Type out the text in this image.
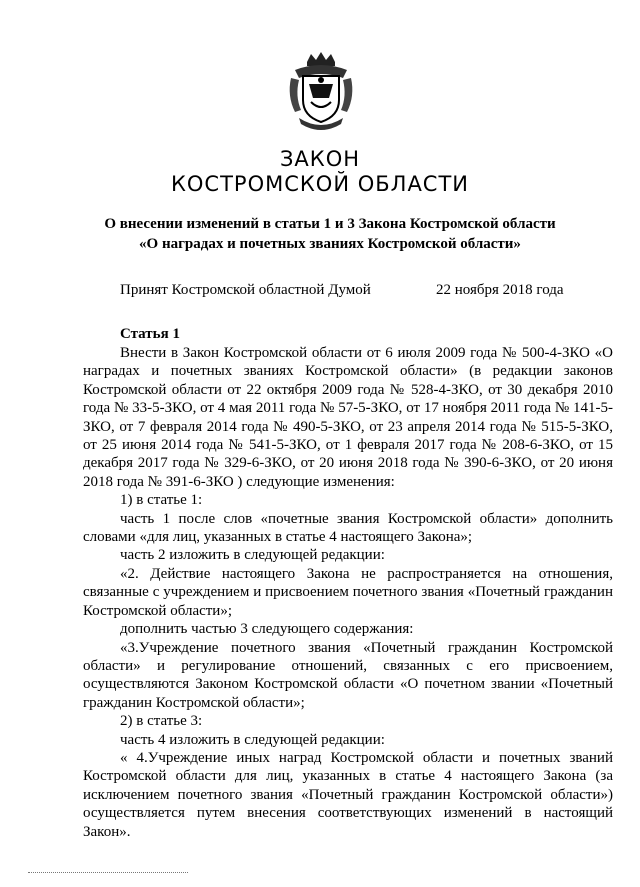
ЗАКОН
КОСТРОМСКОЙ ОБЛАСТИ
О внесении изменений в статьи 1 и 3 Закона Костромской области
«О наградах и почетных званиях Костромской области»
Принят Костромской областной Думой	22 ноября 2018 года
Статья 1

Внести в Закон Костромской области от 6 июля 2009 года № 500-4-ЗКО «О наградах и почетных званиях Костромской области» (в редакции законов Костромской области от 22 октября 2009 года № 528-4-ЗКО, от 30 декабря 2010 года № 33-5-ЗКО, от 4 мая 2011 года № 57-5-ЗКО, от 17 ноября 2011 года № 141-5-ЗКО, от 7 февраля 2014 года № 490-5-ЗКО, от 23 апреля 2014 года № 515-5-ЗКО, от 25 июня 2014 года № 541-5-ЗКО, от 1 февраля 2017 года № 208-6-ЗКО, от 15 декабря 2017 года № 329-6-ЗКО, от 20 июня 2018 года № 390-6-ЗКО, от 20 июня 2018 года № 391-6-ЗКО ) следующие изменения:

1) в статье 1:

часть 1 после слов «почетные звания Костромской области» дополнить словами «для лиц, указанных в статье 4 настоящего Закона»;

часть 2 изложить в следующей редакции:

«2. Действие настоящего Закона не распространяется на отношения, связанные с учреждением и присвоением почетного звания «Почетный гражданин Костромской области»;

дополнить частью 3 следующего содержания:

«3.Учреждение почетного звания «Почетный гражданин Костромской области» и регулирование отношений, связанных с его присвоением, осуществляются Законом Костромской области «О почетном звании «Почетный гражданин Костромской области»;

2) в статье 3:

часть 4 изложить в следующей редакции:

« 4.Учреждение иных наград Костромской области и почетных званий Костромской области для лиц, указанных в статье 4 настоящего Закона (за исключением почетного звания «Почетный гражданин Костромской области») осуществляется путем внесения соответствующих изменений в настоящий Закон».
